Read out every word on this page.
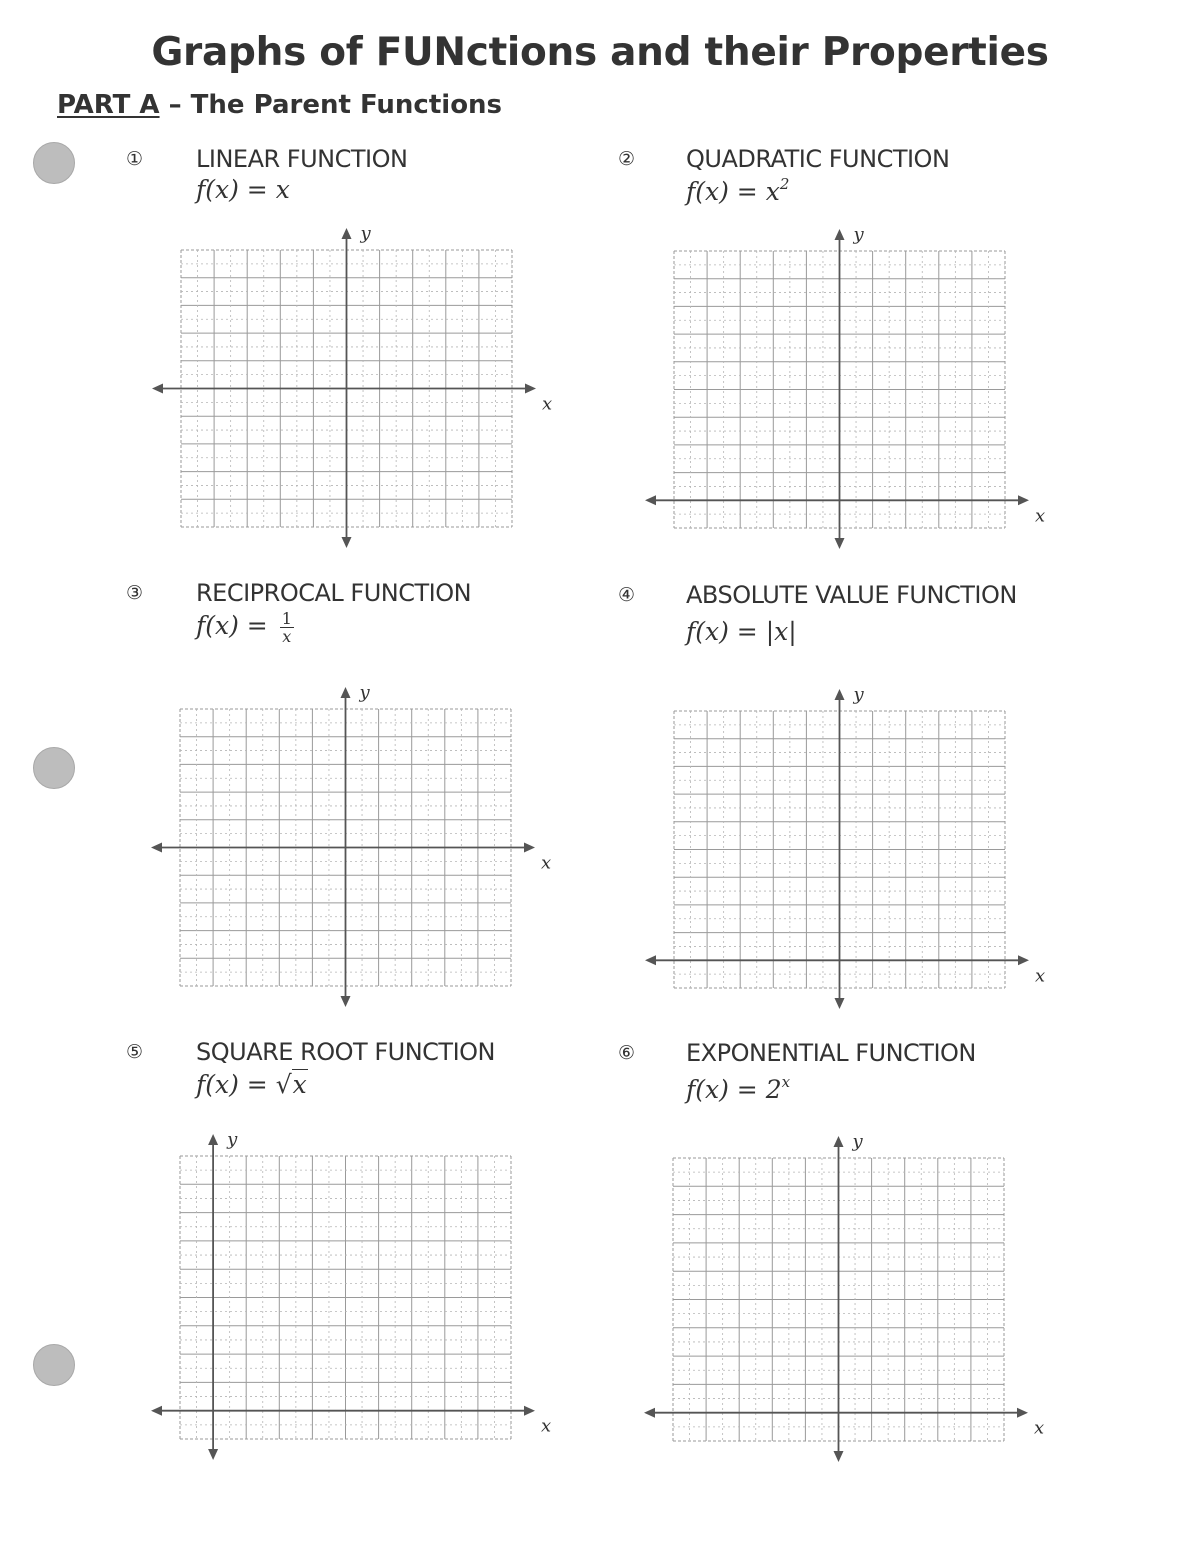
Graphs of FUNctions and their Properties
PART A – The Parent Functions
① LINEAR FUNCTION
f(x) = x
② QUADRATIC FUNCTION
$f(x) = x^2$
③ RECIPROCAL FUNCTION
$f(x) = \frac{1}{x}$
④ ABSOLUTE VALUE FUNCTION
f(x) = |x|
⑤ SQUARE ROOT FUNCTION
f(x) = √x
⑥ EXPONENTIAL FUNCTION
$f(x) = 2^x$
x
y
x
y
x
y
x
y
x
y
x
y
